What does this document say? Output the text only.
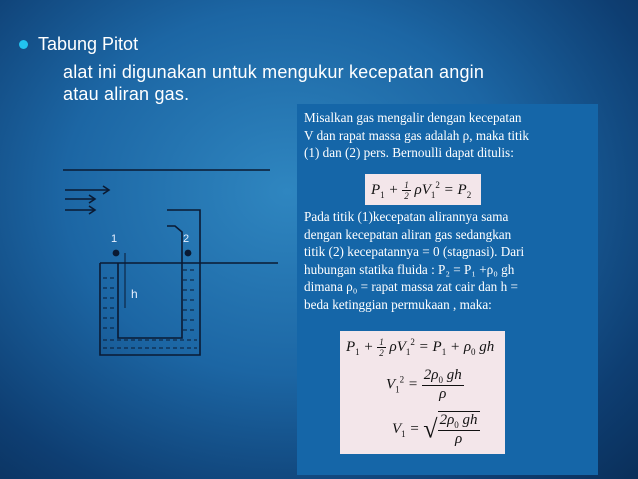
Tabung Pitot
alat ini digunakan untuk mengukur kecepatan angin
atau aliran gas.
Misalkan gas mengalir dengan kecepatan
V dan rapat massa gas adalah ρ, maka titik
(1) dan (2) pers. Bernoulli dapat ditulis:
$P_1 + \frac{1}{2} \rho V_1^2 = P_2$
Pada titik (1)kecepatan alirannya sama
dengan kecepatan aliran gas sedangkan
titik (2) kecepatannya = 0 (stagnasi). Dari
hubungan statika fluida : P₂ = P₁ +ρ₀ gh
dimana ρ₀ = rapat massa zat cair dan h =
beda ketinggian permukaan , maka:
$P_1 + \frac{1}{2} \rho V_1^2 = P_1 + \rho_0$ gh
$V_1^2 = \frac{2\rho_0 gh}{\rho}$
$V_1$ = √ $\frac{2\rho_0 gh}{\rho}$
1	2
h
